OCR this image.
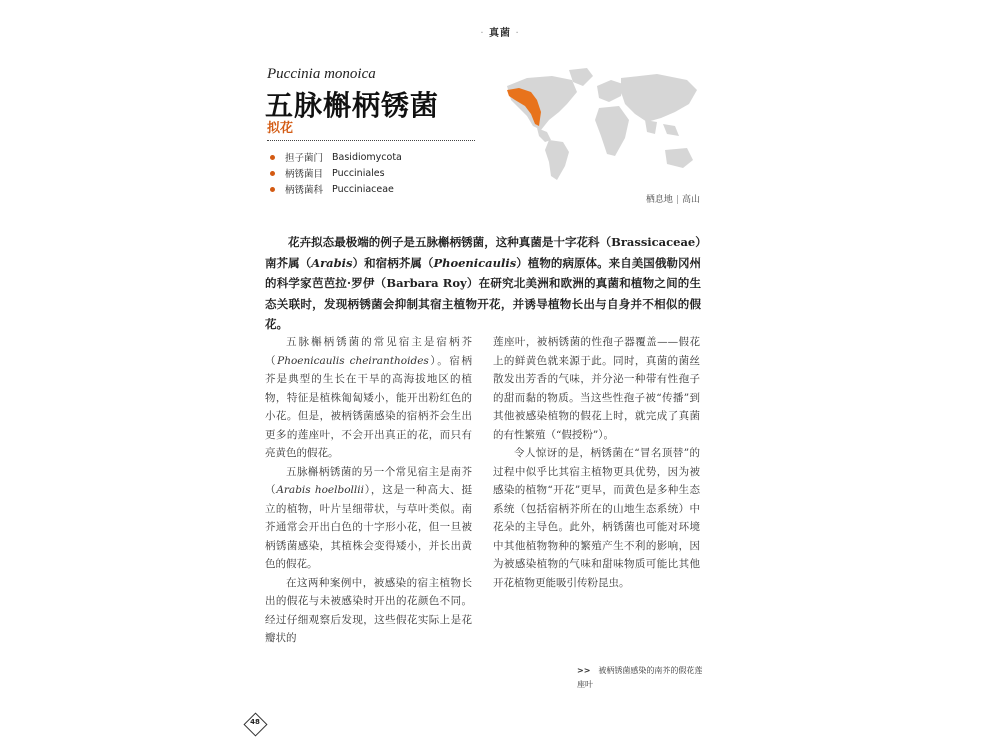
· 真菌 ·
Puccinia monoica
五脉槲柄锈菌
拟花
担子菌门 Basidiomycota
柄锈菌目 Pucciniales
柄锈菌科 Pucciniaceae
栖息地 | 高山
花卉拟态最极端的例子是五脉槲柄锈菌，这种真菌是十字花科（Brassicaceae）南芥属（Arabis）和宿柄芥属（Phoenicaulis）植物的病原体。来自美国俄勒冈州的科学家芭芭拉·罗伊（Barbara Roy）在研究北美洲和欧洲的真菌和植物之间的生态关联时，发现柄锈菌会抑制其宿主植物开花，并诱导植物长出与自身并不相似的假花。

五脉槲柄锈菌的常见宿主是宿柄芥（Phoenicaulis cheiranthoides）。宿柄芥是典型的生长在干旱的高海拔地区的植物，特征是植株匍匐矮小，能开出粉红色的小花。但是，被柄锈菌感染的宿柄芥会生出更多的莲座叶，不会开出真正的花，而只有亮黄色的假花。

五脉槲柄锈菌的另一个常见宿主是南芥（Arabis hoelbollii），这是一种高大、挺立的植物，叶片呈细带状，与草叶类似。南芥通常会开出白色的十字形小花，但一旦被柄锈菌感染，其植株会变得矮小，并长出黄色的假花。

在这两种案例中，被感染的宿主植物长出的假花与未被感染时开出的花颜色不同。经过仔细观察后发现，这些假花实际上是花瓣状的

莲座叶，被柄锈菌的性孢子器覆盖——假花上的鲜黄色就来源于此。同时，真菌的菌丝散发出芳香的气味，并分泌一种带有性孢子的甜而黏的物质。当这些性孢子被“传播”到其他被感染植物的假花上时，就完成了真菌的有性繁殖（“假授粉”）。

令人惊讶的是，柄锈菌在“冒名顶替”的过程中似乎比其宿主植物更具优势，因为被感染的植物“开花”更早，而黄色是多种生态系统（包括宿柄芥所在的山地生态系统）中花朵的主导色。此外，柄锈菌也可能对环境中其他植物物种的繁殖产生不利的影响，因为被感染植物的气味和甜味物质可能比其他开花植物更能吸引传粉昆虫。

>> 被柄锈菌感染的南芥的假花莲座叶
48
